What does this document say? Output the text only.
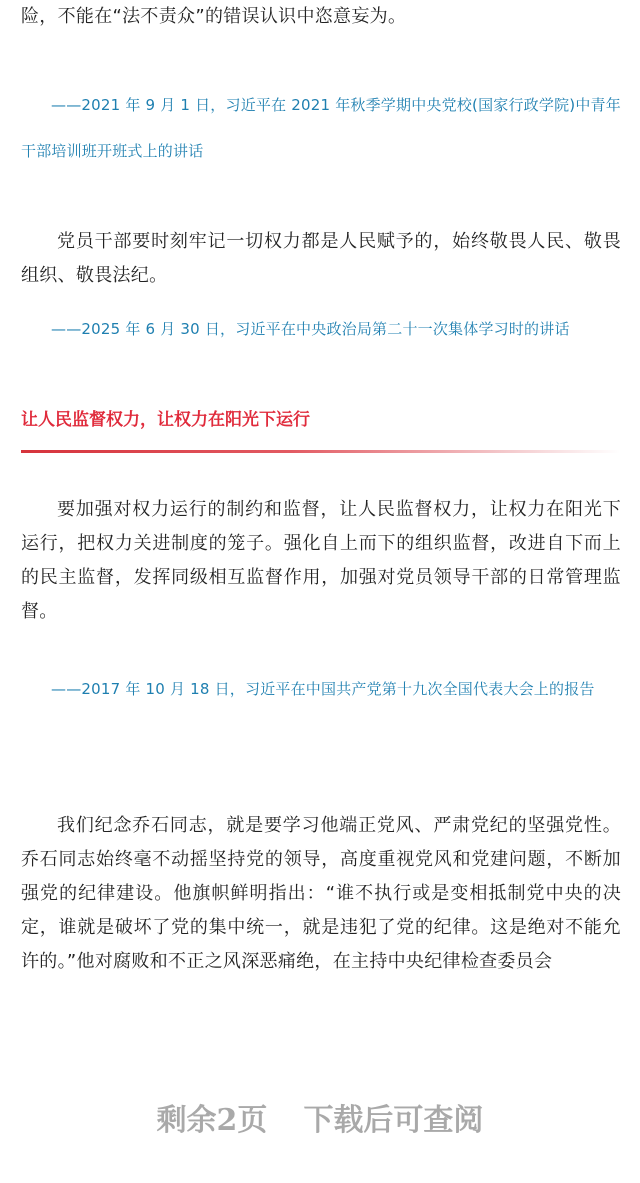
险，不能在“法不责众”的错误认识中恣意妄为。

——2021 年 9 月 1 日，习近平在 2021 年秋季学期中央党校(国家行政学院)中青年干部培训班开班式上的讲话

党员干部要时刻牢记一切权力都是人民赋予的，始终敬畏人民、敬畏组织、敬畏法纪。

——2025 年 6 月 30 日，习近平在中央政治局第二十一次集体学习时的讲话

让人民监督权力，让权力在阳光下运行

要加强对权力运行的制约和监督，让人民监督权力，让权力在阳光下运行，把权力关进制度的笼子。强化自上而下的组织监督，改进自下而上的民主监督，发挥同级相互监督作用，加强对党员领导干部的日常管理监督。

——2017 年 10 月 18 日，习近平在中国共产党第十九次全国代表大会上的报告

我们纪念乔石同志，就是要学习他端正党风、严肃党纪的坚强党性。乔石同志始终毫不动摇坚持党的领导，高度重视党风和党建问题，不断加强党的纪律建设。他旗帜鲜明指出：“谁不执行或是变相抵制党中央的决定，谁就是破坏了党的集中统一，就是违犯了党的纪律。这是绝对不能允许的。”他对腐败和不正之风深恶痛绝，在主持中央纪律检查委员会

剩余2页 下载后可查阅
